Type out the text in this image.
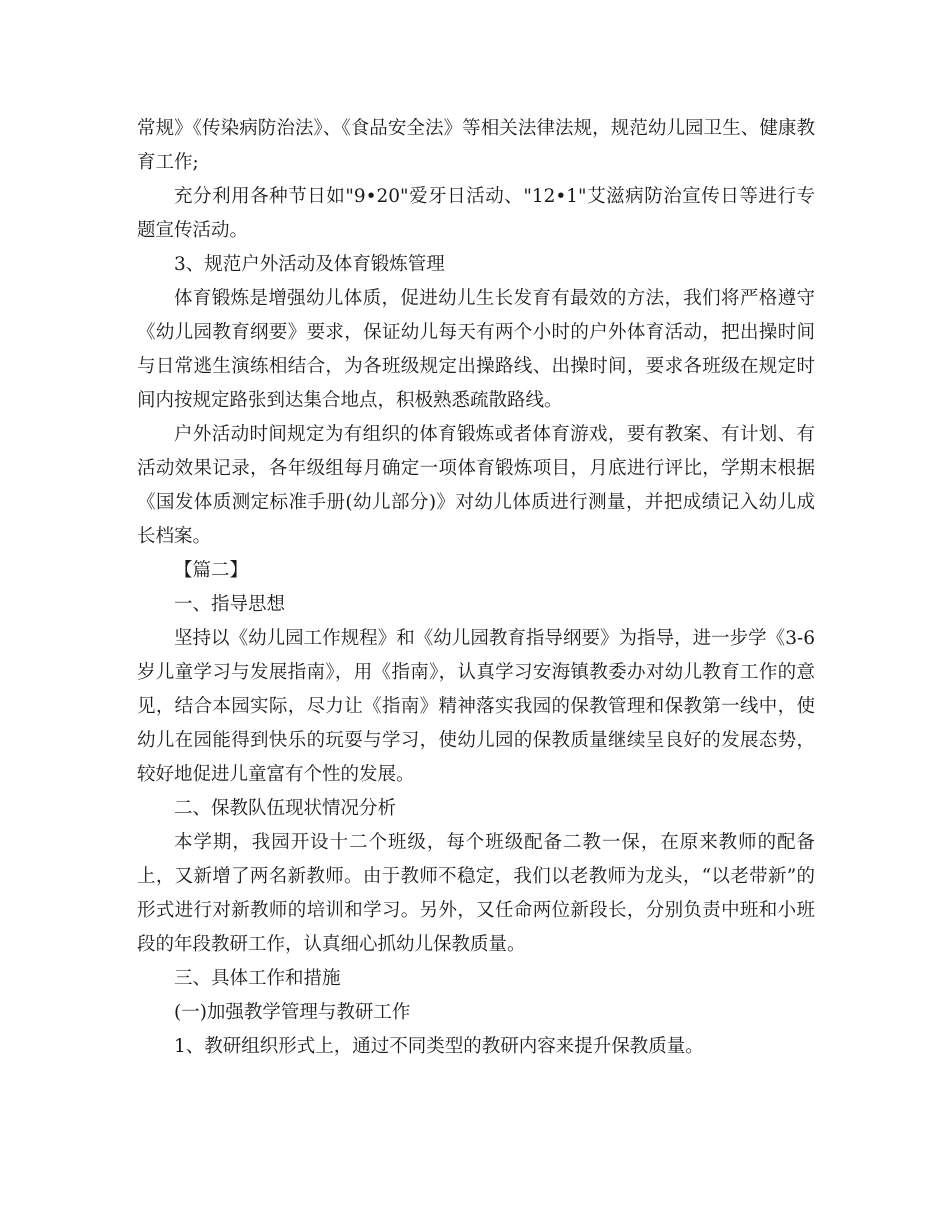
常规》《传染病防治法》、《食品安全法》等相关法律法规，规范幼儿园卫生、健康教育工作;

充分利用各种节日如"9•20"爱牙日活动、"12•1"艾滋病防治宣传日等进行专题宣传活动。

3、规范户外活动及体育锻炼管理

体育锻炼是增强幼儿体质，促进幼儿生长发育有最效的方法，我们将严格遵守《幼儿园教育纲要》要求，保证幼儿每天有两个小时的户外体育活动，把出操时间与日常逃生演练相结合，为各班级规定出操路线、出操时间，要求各班级在规定时间内按规定路张到达集合地点，积极熟悉疏散路线。

户外活动时间规定为有组织的体育锻炼或者体育游戏，要有教案、有计划、有活动效果记录，各年级组每月确定一项体育锻炼项目，月底进行评比，学期末根据《国发体质测定标准手册(幼儿部分)》对幼儿体质进行测量，并把成绩记入幼儿成长档案。

【篇二】

一、指导思想

坚持以《幼儿园工作规程》和《幼儿园教育指导纲要》为指导，进一步学《3-6岁儿童学习与发展指南》，用《指南》，认真学习安海镇教委办对幼儿教育工作的意见，结合本园实际，尽力让《指南》精神落实我园的保教管理和保教第一线中，使幼儿在园能得到快乐的玩耍与学习，使幼儿园的保教质量继续呈良好的发展态势，较好地促进儿童富有个性的发展。

二、保教队伍现状情况分析

本学期，我园开设十二个班级，每个班级配备二教一保，在原来教师的配备上，又新增了两名新教师。由于教师不稳定，我们以老教师为龙头，“以老带新”的形式进行对新教师的培训和学习。另外，又任命两位新段长，分别负责中班和小班段的年段教研工作，认真细心抓幼儿保教质量。

三、具体工作和措施

(一)加强教学管理与教研工作

1、教研组织形式上，通过不同类型的教研内容来提升保教质量。
